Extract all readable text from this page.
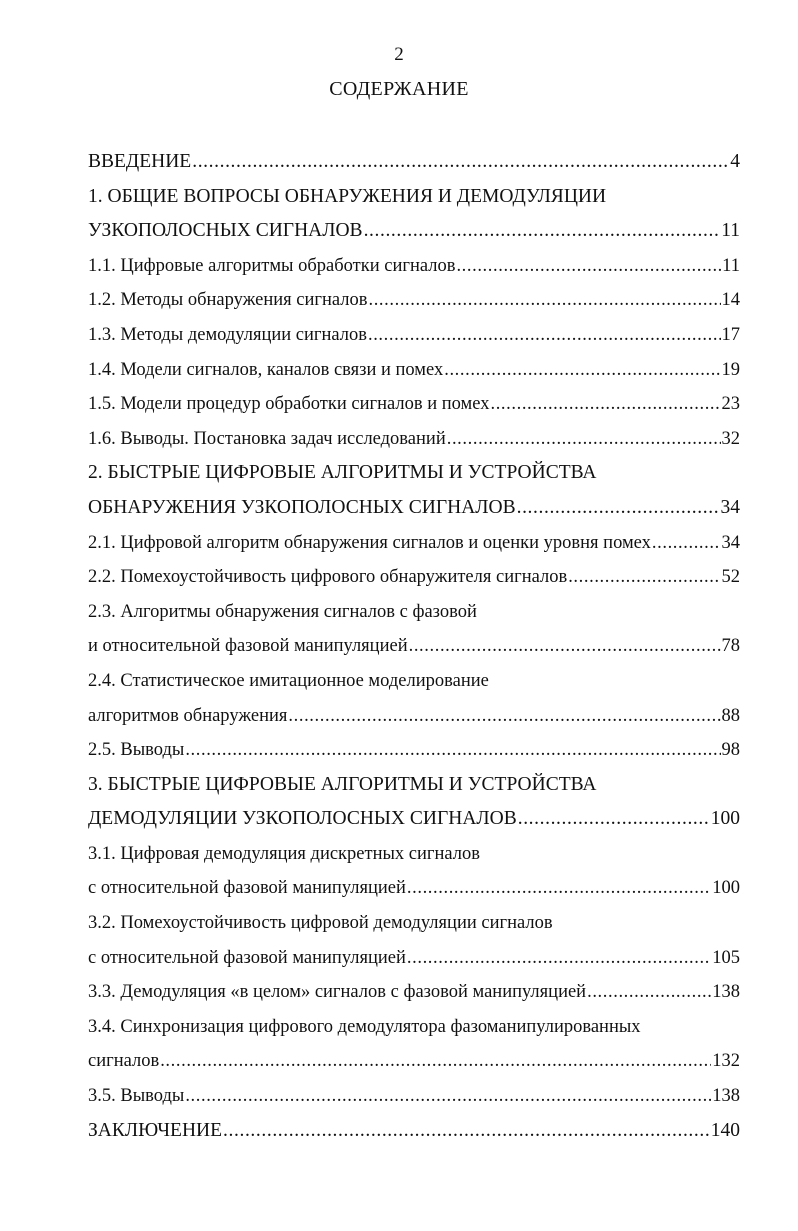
2
СОДЕРЖАНИЕ
ВВЕДЕНИЕ .....	4
1. ОБЩИЕ ВОПРОСЫ ОБНАРУЖЕНИЯ И ДЕМОДУЛЯЦИИ
УЗКОПОЛОСНЫХ СИГНАЛОВ .....	11
1.1. Цифровые алгоритмы обработки сигналов .....	11
1.2. Методы обнаружения сигналов .....	14
1.3. Методы демодуляции сигналов .....	17
1.4. Модели сигналов, каналов связи и помех .....	19
1.5. Модели процедур обработки сигналов и помех .....	23
1.6. Выводы. Постановка задач исследований .....	32
2. БЫСТРЫЕ ЦИФРОВЫЕ АЛГОРИТМЫ И УСТРОЙСТВА
ОБНАРУЖЕНИЯ УЗКОПОЛОСНЫХ СИГНАЛОВ .....	34
2.1. Цифровой алгоритм обнаружения сигналов и оценки уровня помех .....	34
2.2. Помехоустойчивость цифрового обнаружителя сигналов .....	52
2.3. Алгоритмы обнаружения сигналов с фазовой
и относительной фазовой манипуляцией .....	78
2.4. Статистическое имитационное моделирование
алгоритмов обнаружения .....	88
2.5. Выводы .....	98
3. БЫСТРЫЕ ЦИФРОВЫЕ АЛГОРИТМЫ И УСТРОЙСТВА
ДЕМОДУЛЯЦИИ УЗКОПОЛОСНЫХ СИГНАЛОВ .....	100
3.1. Цифровая демодуляция дискретных сигналов
с относительной фазовой манипуляцией .....	100
3.2. Помехоустойчивость цифровой демодуляции сигналов
с относительной фазовой манипуляцией .....	105
3.3. Демодуляция «в целом» сигналов с фазовой манипуляцией .....	138
3.4. Синхронизация цифрового демодулятора фазоманипулированных
сигналов .....	132
3.5. Выводы .....	138
ЗАКЛЮЧЕНИЕ .....	140
